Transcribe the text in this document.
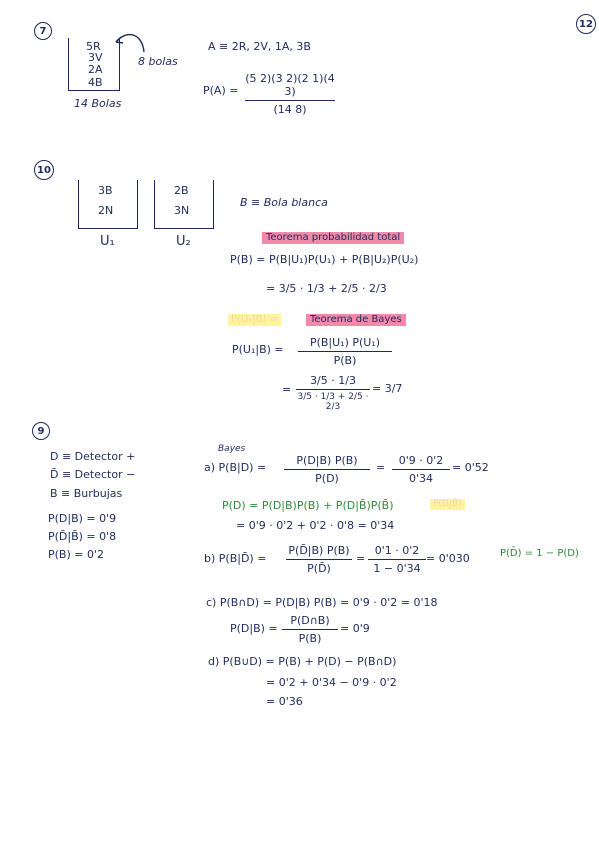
12
7
5R
3V
2A
4B
8 bolas
14 Bolas
A ≡ 2R, 2V, 1A, 3B
P(A) =
(5 2)(3 2)(2 1)(4 3)
(14 8)
10
3B
2N
U₁
2B
3N
U₂
B ≡ Bola blanca
Teorema probabilidad total
P(B) = P(B|U₁)P(U₁) + P(B|U₂)P(U₂)
= 3/5 · 1/3 + 2/5 · 2/3
P(U₁|B) =	Teorema de Bayes
P(U₁|B) =
P(B|U₁) P(U₁)
P(B)
=
3/5 · 1/3
3/5 · 1/3 + 2/5 · 2/3
= 3/7
9
D ≡ Detector +
D̄ ≡ Detector −
B ≡ Burbujas
P(D|B) = 0'9
P(D̄|B̄) = 0'8
P(B) = 0'2
Bayes
a) P(B|D) =
P(D|B) P(B)
P(D)
=
0'9 · 0'2
0'34
= 0'52
P(D) = P(D|B)P(B) + P(D|B̄)P(B̄)	P(D|B̄)
= 0'9 · 0'2 + 0'2 · 0'8 = 0'34
b) P(B|D̄) =
P(D̄|B) P(B)
P(D̄)
=
0'1 · 0'2
1 − 0'34
= 0'030	P(D̄) = 1 − P(D)
c) P(B∩D) = P(D|B) P(B) = 0'9 · 0'2 = 0'18
P(D|B) =
P(D∩B)
P(B)
= 0'9
d) P(B∪D) = P(B) + P(D) − P(B∩D)
= 0'2 + 0'34 − 0'9 · 0'2
= 0'36
